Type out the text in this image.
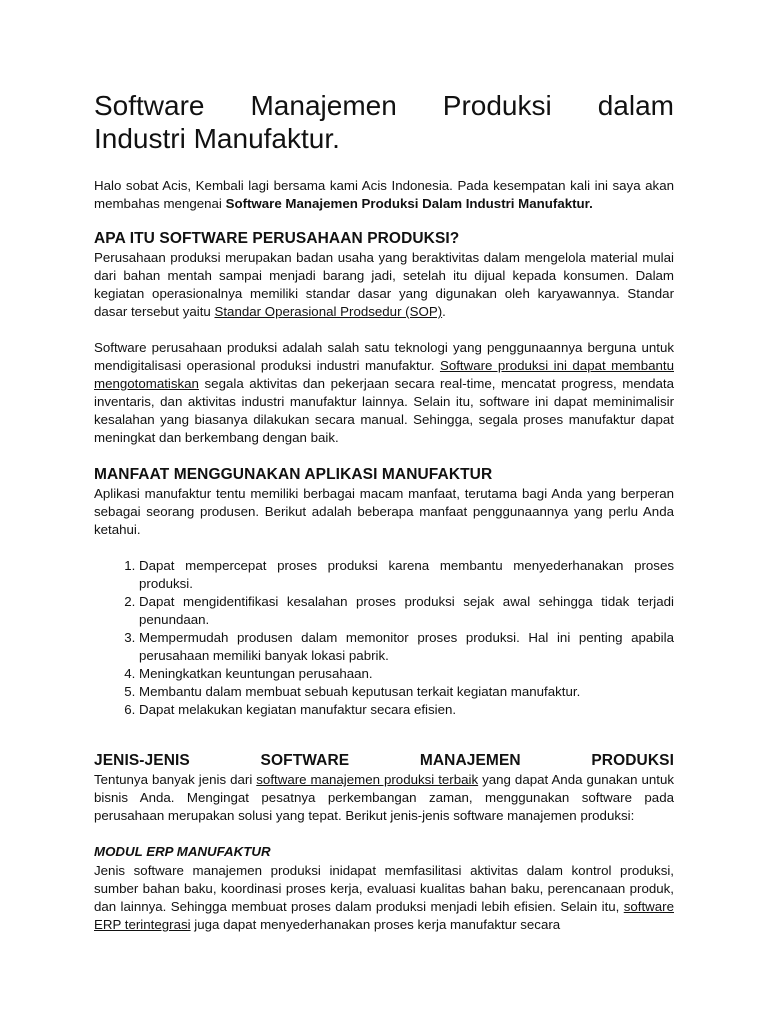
Software Manajemen Produksi dalam
Industri Manufaktur.

Halo sobat Acis, Kembali lagi bersama kami Acis Indonesia. Pada kesempatan kali ini saya akan membahas mengenai Software Manajemen Produksi Dalam Industri Manufaktur.

APA ITU SOFTWARE PERUSAHAAN PRODUKSI?

Perusahaan produksi merupakan badan usaha yang beraktivitas dalam mengelola material mulai dari bahan mentah sampai menjadi barang jadi, setelah itu dijual kepada konsumen. Dalam kegiatan operasionalnya memiliki standar dasar yang digunakan oleh karyawannya. Standar dasar tersebut yaitu Standar Operasional Prodsedur (SOP).

Software perusahaan produksi adalah salah satu teknologi yang penggunaannya berguna untuk mendigitalisasi operasional produksi industri manufaktur. Software produksi ini dapat membantu mengotomatiskan segala aktivitas dan pekerjaan secara real-time, mencatat progress, mendata inventaris, dan aktivitas industri manufaktur lainnya. Selain itu, software ini dapat meminimalisir kesalahan yang biasanya dilakukan secara manual. Sehingga, segala proses manufaktur dapat meningkat dan berkembang dengan baik.

MANFAAT MENGGUNAKAN APLIKASI MANUFAKTUR

Aplikasi manufaktur tentu memiliki berbagai macam manfaat, terutama bagi Anda yang berperan sebagai seorang produsen. Berikut adalah beberapa manfaat penggunaannya yang perlu Anda ketahui.

1. Dapat mempercepat proses produksi karena membantu menyederhanakan proses produksi.
2. Dapat mengidentifikasi kesalahan proses produksi sejak awal sehingga tidak terjadi penundaan.
3. Mempermudah produsen dalam memonitor proses produksi. Hal ini penting apabila perusahaan memiliki banyak lokasi pabrik.
4. Meningkatkan keuntungan perusahaan.
5. Membantu dalam membuat sebuah keputusan terkait kegiatan manufaktur.
6. Dapat melakukan kegiatan manufaktur secara efisien.
JENIS-JENIS	SOFTWARE	MANAJEMEN	PRODUKSI

Tentunya banyak jenis dari software manajemen produksi terbaik yang dapat Anda gunakan untuk bisnis Anda. Mengingat pesatnya perkembangan zaman, menggunakan software pada perusahaan merupakan solusi yang tepat. Berikut jenis-jenis software manajemen produksi:

MODUL ERP MANUFAKTUR

Jenis software manajemen produksi inidapat memfasilitasi aktivitas dalam kontrol produksi, sumber bahan baku, koordinasi proses kerja, evaluasi kualitas bahan baku, perencanaan produk, dan lainnya. Sehingga membuat proses dalam produksi menjadi lebih efisien. Selain itu, software ERP terintegrasi juga dapat menyederhanakan proses kerja manufaktur secara
